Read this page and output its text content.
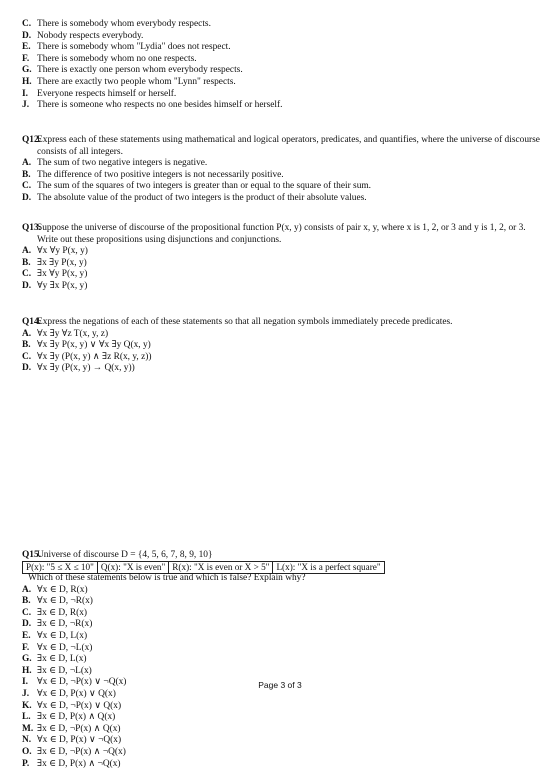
C. There is somebody whom everybody respects.
D. Nobody respects everybody.
E. There is somebody whom "Lydia" does not respect.
F. There is somebody whom no one respects.
G. There is exactly one person whom everybody respects.
H. There are exactly two people whom "Lynn" respects.
I. Everyone respects himself or herself.
J. There is someone who respects no one besides himself or herself.
Q12.
Express each of these statements using mathematical and logical operators, predicates, and quantifies, where the universe of discourse consists of all integers.
A. The sum of two negative integers is negative.
B. The difference of two positive integers is not necessarily positive.
C. The sum of the squares of two integers is greater than or equal to the square of their sum.
D. The absolute value of the product of two integers is the product of their absolute values.
Q13.
Suppose the universe of discourse of the propositional function P(x, y) consists of pair x, y, where x is 1, 2, or 3 and y is 1, 2, or 3. Write out these propositions using disjunctions and conjunctions.
A. ∀x ∀y P(x, y)
B. ∃x ∃y P(x, y)
C. ∃x ∀y P(x, y)
D. ∀y ∃x P(x, y)
Q14.
Express the negations of each of these statements so that all negation symbols immediately precede predicates.
A. ∀x ∃y ∀z T(x, y, z)
B. ∀x ∃y P(x, y) ∨ ∀x ∃y Q(x, y)
C. ∀x ∃y (P(x, y) ∧ ∃z R(x, y, z))
D. ∀x ∃y (P(x, y) → Q(x, y))
Q15.
Universe of discourse D = {4, 5, 6, 7, 8, 9, 10}
P(x): "5 ≤ X ≤ 10"	Q(x): "X is even"	R(x): "X is even or X > 5"	L(x): "X is a perfect square"
Which of these statements below is true and which is false? Explain why?
A. ∀x ∈ D, R(x)
B. ∀x ∈ D, ¬R(x)
C. ∃x ∈ D, R(x)
D. ∃x ∈ D, ¬R(x)
E. ∀x ∈ D, L(x)
F. ∀x ∈ D, ¬L(x)
G. ∃x ∈ D, L(x)
H. ∃x ∈ D, ¬L(x)
I. ∀x ∈ D, ¬P(x) ∨ ¬Q(x)
J. ∀x ∈ D, P(x) ∨ Q(x)
K. ∀x ∈ D, ¬P(x) ∨ Q(x)
L. ∃x ∈ D, P(x) ∧ Q(x)
M. ∃x ∈ D, ¬P(x) ∧ Q(x)
N. ∀x ∈ D, P(x) ∨ ¬Q(x)
O. ∃x ∈ D, ¬P(x) ∧ ¬Q(x)
P. ∃x ∈ D, P(x) ∧ ¬Q(x)
Page 3 of 3
